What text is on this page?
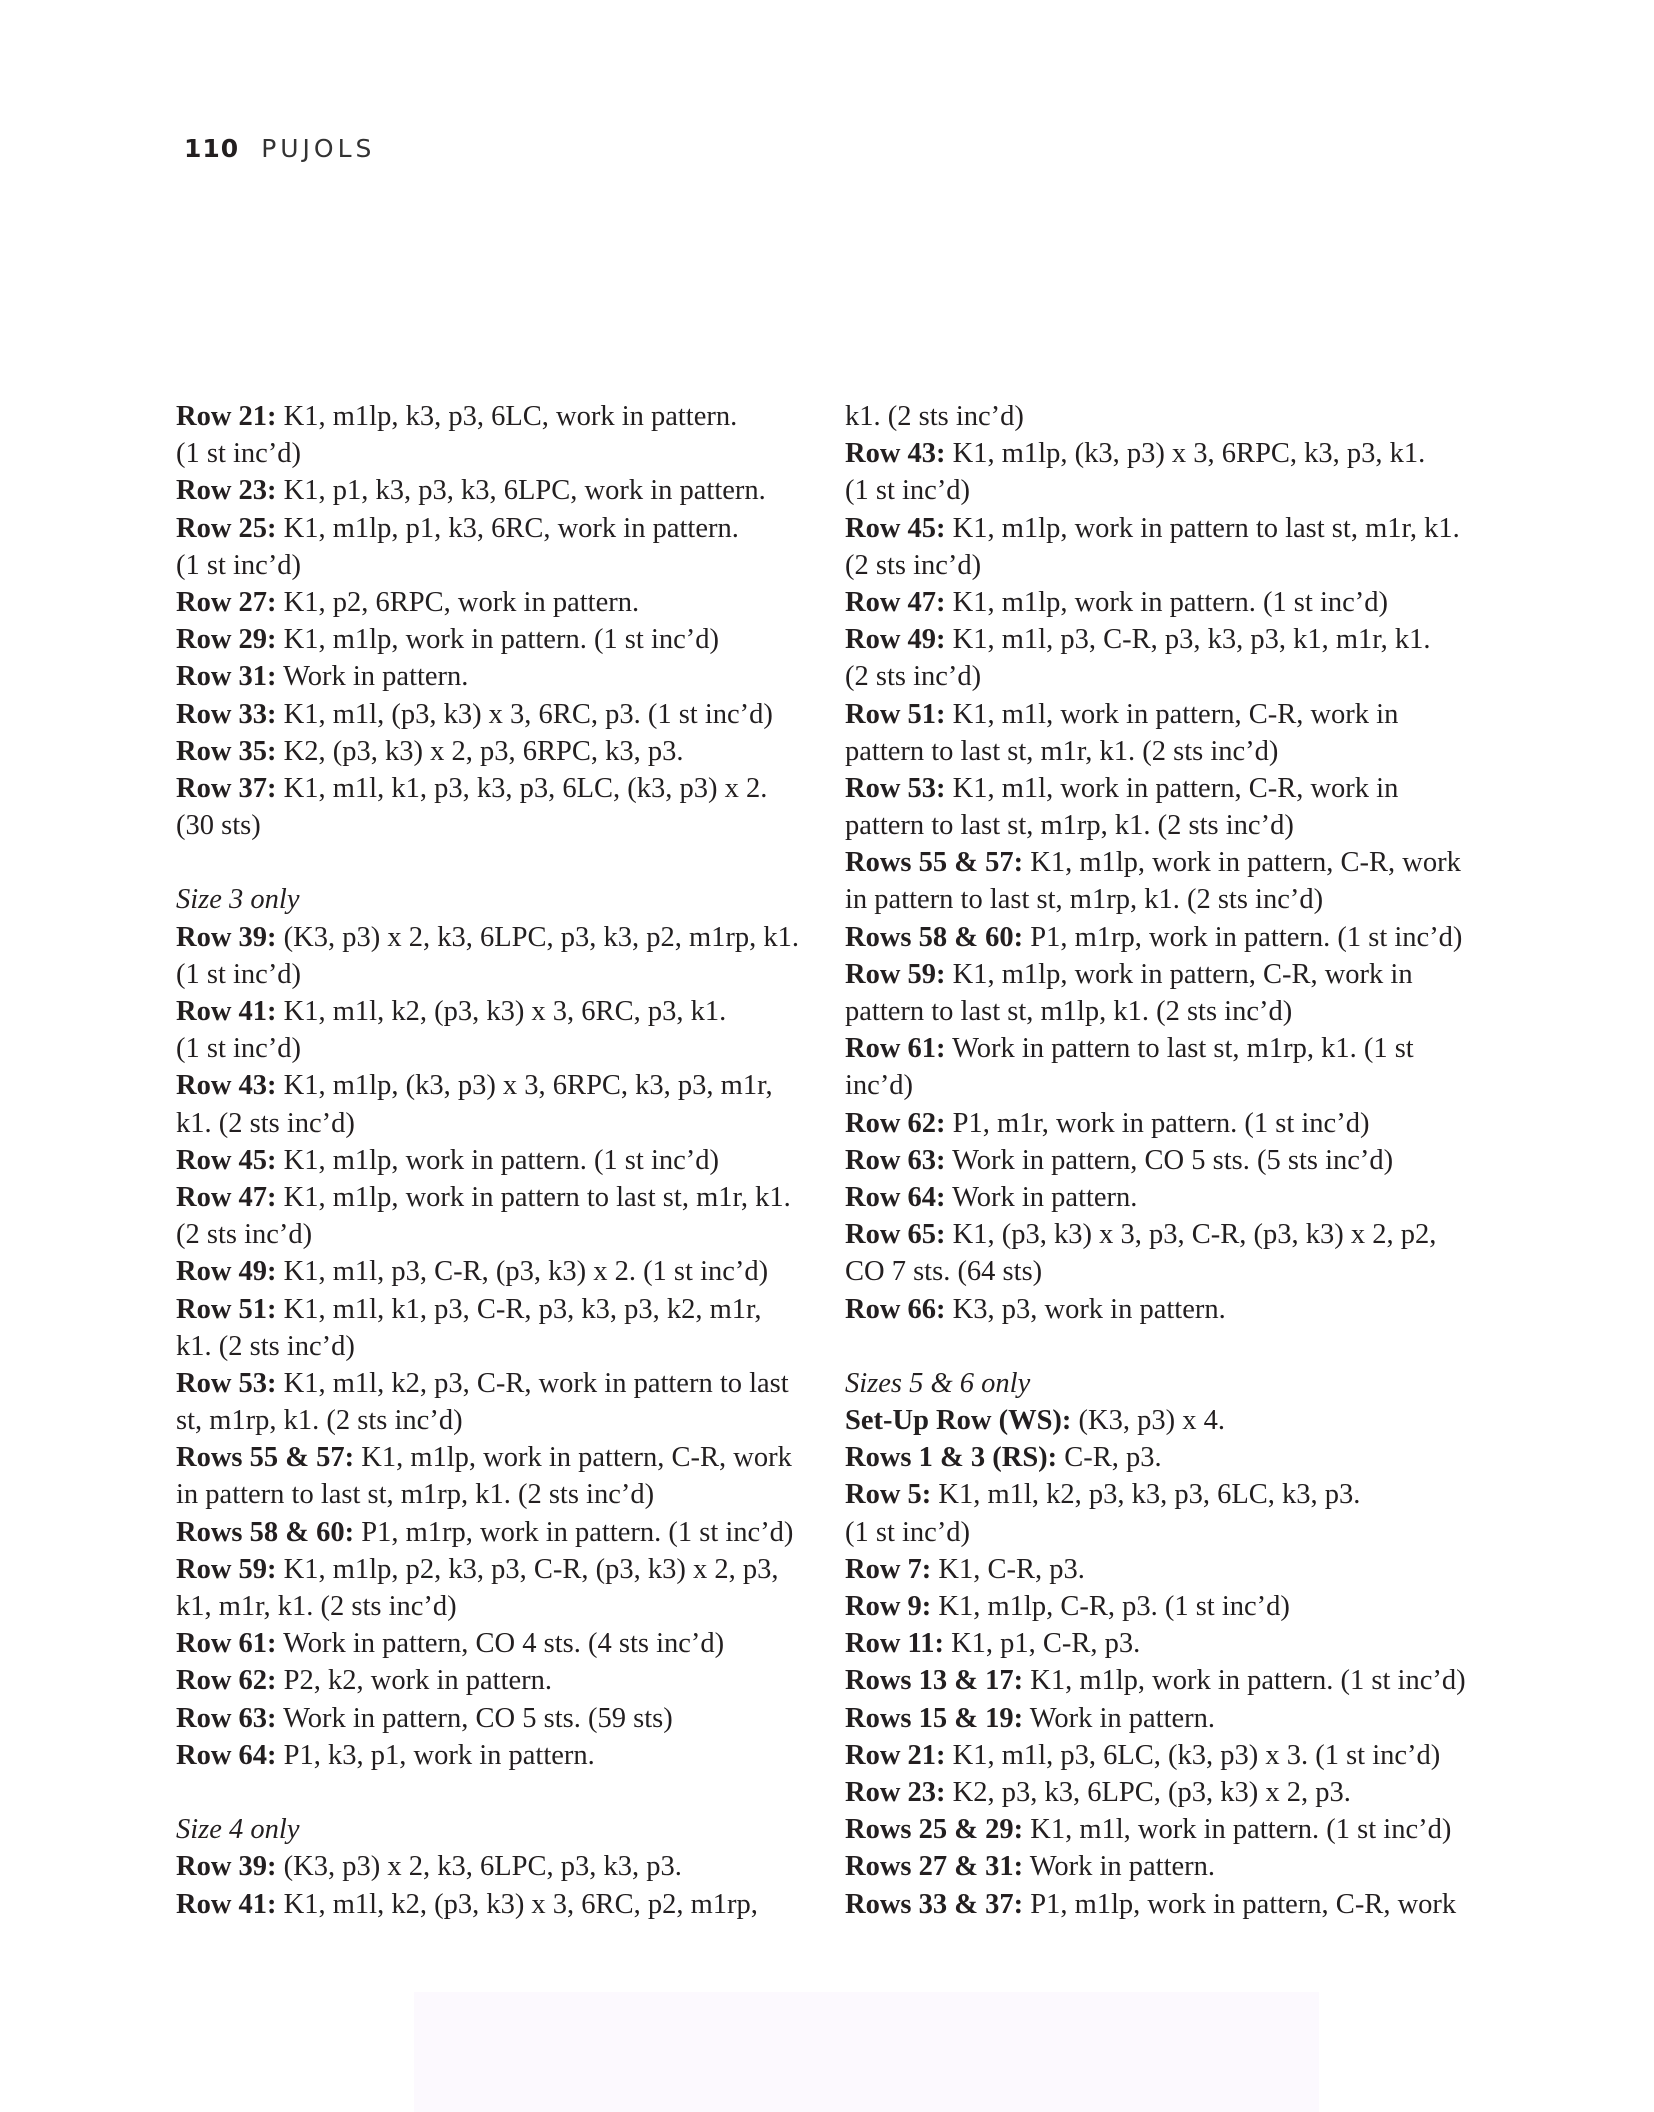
110 PUJOLS
Row 21: K1, m1lp, k3, p3, 6LC, work in pattern.
(1 st inc’d)
Row 23: K1, p1, k3, p3, k3, 6LPC, work in pattern.
Row 25: K1, m1lp, p1, k3, 6RC, work in pattern.
(1 st inc’d)
Row 27: K1, p2, 6RPC, work in pattern.
Row 29: K1, m1lp, work in pattern. (1 st inc’d)
Row 31: Work in pattern.
Row 33: K1, m1l, (p3, k3) x 3, 6RC, p3. (1 st inc’d)
Row 35: K2, (p3, k3) x 2, p3, 6RPC, k3, p3.
Row 37: K1, m1l, k1, p3, k3, p3, 6LC, (k3, p3) x 2.
(30 sts)
Size 3 only
Row 39: (K3, p3) x 2, k3, 6LPC, p3, k3, p2, m1rp, k1.
(1 st inc’d)
Row 41: K1, m1l, k2, (p3, k3) x 3, 6RC, p3, k1.
(1 st inc’d)
Row 43: K1, m1lp, (k3, p3) x 3, 6RPC, k3, p3, m1r,
k1. (2 sts inc’d)
Row 45: K1, m1lp, work in pattern. (1 st inc’d)
Row 47: K1, m1lp, work in pattern to last st, m1r, k1.
(2 sts inc’d)
Row 49: K1, m1l, p3, C-R, (p3, k3) x 2. (1 st inc’d)
Row 51: K1, m1l, k1, p3, C-R, p3, k3, p3, k2, m1r,
k1. (2 sts inc’d)
Row 53: K1, m1l, k2, p3, C-R, work in pattern to last
st, m1rp, k1. (2 sts inc’d)
Rows 55 & 57: K1, m1lp, work in pattern, C-R, work
in pattern to last st, m1rp, k1. (2 sts inc’d)
Rows 58 & 60: P1, m1rp, work in pattern. (1 st inc’d)
Row 59: K1, m1lp, p2, k3, p3, C-R, (p3, k3) x 2, p3,
k1, m1r, k1. (2 sts inc’d)
Row 61: Work in pattern, CO 4 sts. (4 sts inc’d)
Row 62: P2, k2, work in pattern.
Row 63: Work in pattern, CO 5 sts. (59 sts)
Row 64: P1, k3, p1, work in pattern.
Size 4 only
Row 39: (K3, p3) x 2, k3, 6LPC, p3, k3, p3.
Row 41: K1, m1l, k2, (p3, k3) x 3, 6RC, p2, m1rp,
k1. (2 sts inc’d)
Row 43: K1, m1lp, (k3, p3) x 3, 6RPC, k3, p3, k1.
(1 st inc’d)
Row 45: K1, m1lp, work in pattern to last st, m1r, k1.
(2 sts inc’d)
Row 47: K1, m1lp, work in pattern. (1 st inc’d)
Row 49: K1, m1l, p3, C-R, p3, k3, p3, k1, m1r, k1.
(2 sts inc’d)
Row 51: K1, m1l, work in pattern, C-R, work in
pattern to last st, m1r, k1. (2 sts inc’d)
Row 53: K1, m1l, work in pattern, C-R, work in
pattern to last st, m1rp, k1. (2 sts inc’d)
Rows 55 & 57: K1, m1lp, work in pattern, C-R, work
in pattern to last st, m1rp, k1. (2 sts inc’d)
Rows 58 & 60: P1, m1rp, work in pattern. (1 st inc’d)
Row 59: K1, m1lp, work in pattern, C-R, work in
pattern to last st, m1lp, k1. (2 sts inc’d)
Row 61: Work in pattern to last st, m1rp, k1. (1 st
inc’d)
Row 62: P1, m1r, work in pattern. (1 st inc’d)
Row 63: Work in pattern, CO 5 sts. (5 sts inc’d)
Row 64: Work in pattern.
Row 65: K1, (p3, k3) x 3, p3, C-R, (p3, k3) x 2, p2,
CO 7 sts. (64 sts)
Row 66: K3, p3, work in pattern.
Sizes 5 & 6 only
Set-Up Row (WS): (K3, p3) x 4.
Rows 1 & 3 (RS): C-R, p3.
Row 5: K1, m1l, k2, p3, k3, p3, 6LC, k3, p3.
(1 st inc’d)
Row 7: K1, C-R, p3.
Row 9: K1, m1lp, C-R, p3. (1 st inc’d)
Row 11: K1, p1, C-R, p3.
Rows 13 & 17: K1, m1lp, work in pattern. (1 st inc’d)
Rows 15 & 19: Work in pattern.
Row 21: K1, m1l, p3, 6LC, (k3, p3) x 3. (1 st inc’d)
Row 23: K2, p3, k3, 6LPC, (p3, k3) x 2, p3.
Rows 25 & 29: K1, m1l, work in pattern. (1 st inc’d)
Rows 27 & 31: Work in pattern.
Rows 33 & 37: P1, m1lp, work in pattern, C-R, work
